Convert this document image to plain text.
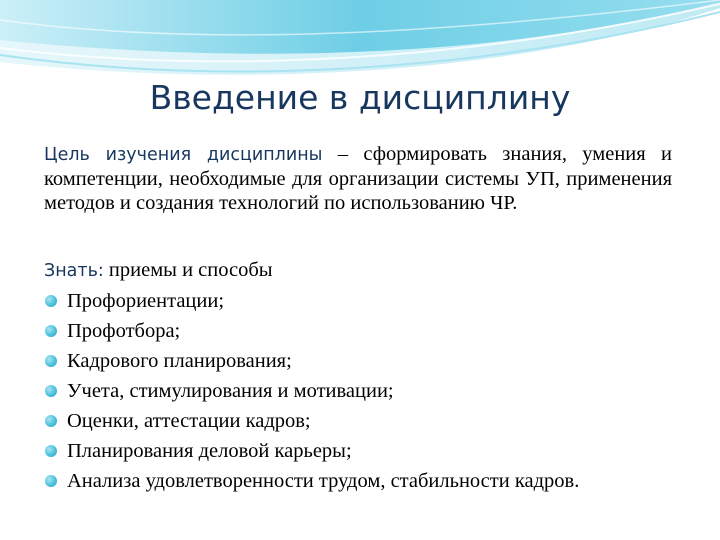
Введение в дисциплину
Цель изучения дисциплины – сформировать знания, умения и компетенции, необходимые для организации системы УП, применения методов и создания технологий по использованию ЧР.
Знать: приемы и способы
Профориентации;
Профотбора;
Кадрового планирования;
Учета, стимулирования и мотивации;
Оценки, аттестации кадров;
Планирования деловой карьеры;
Анализа удовлетворенности трудом, стабильности кадров.
